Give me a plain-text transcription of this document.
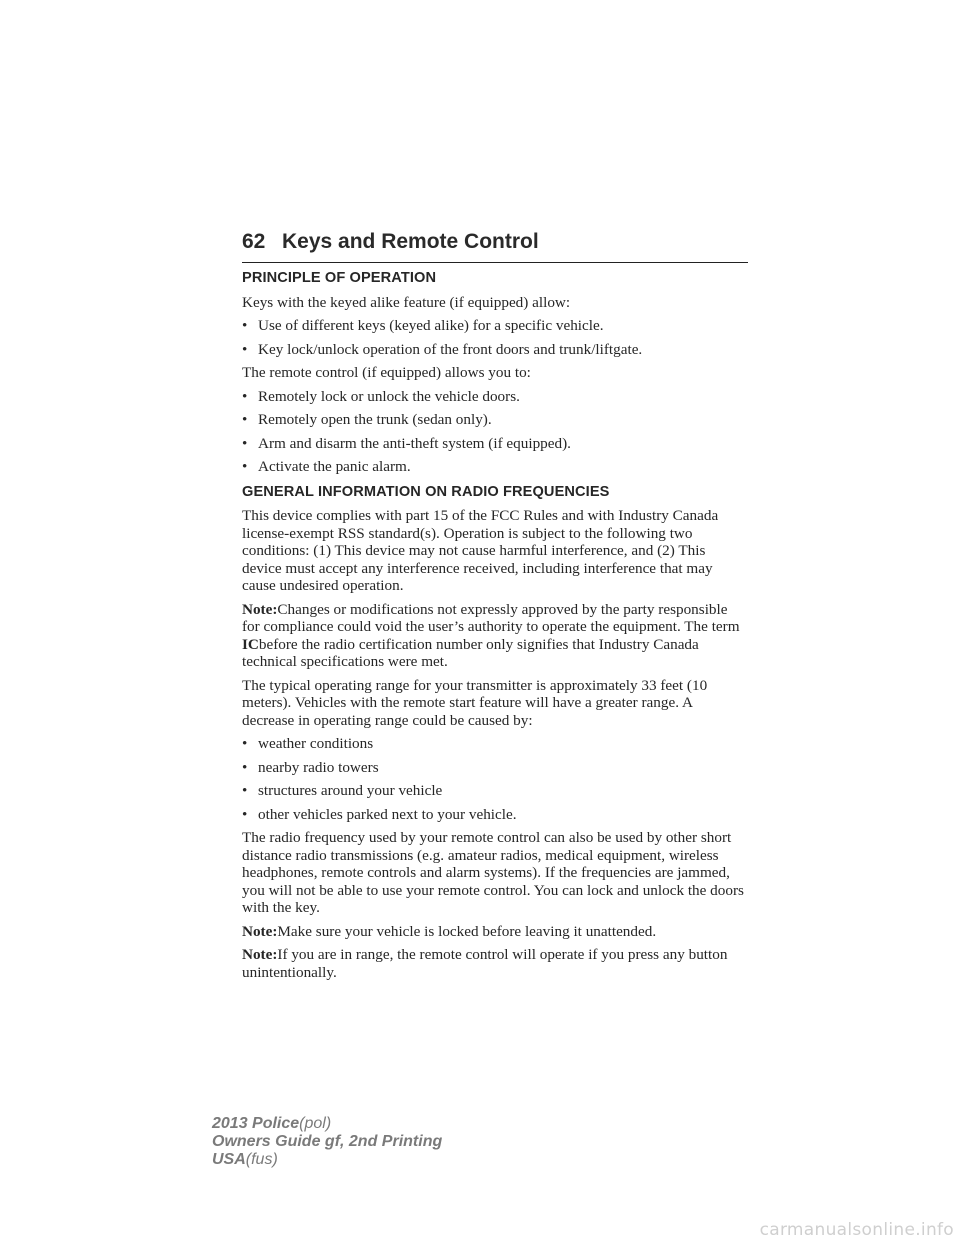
62 Keys and Remote Control
PRINCIPLE OF OPERATION
Keys with the keyed alike feature (if equipped) allow:
• Use of different keys (keyed alike) for a specific vehicle.
• Key lock/unlock operation of the front doors and trunk/liftgate.
The remote control (if equipped) allows you to:
• Remotely lock or unlock the vehicle doors.
• Remotely open the trunk (sedan only).
• Arm and disarm the anti-theft system (if equipped).
• Activate the panic alarm.
GENERAL INFORMATION ON RADIO FREQUENCIES
This device complies with part 15 of the FCC Rules and with Industry Canada license-exempt RSS standard(s). Operation is subject to the following two conditions: (1) This device may not cause harmful interference, and (2) This device must accept any interference received, including interference that may cause undesired operation.
Note:Changes or modifications not expressly approved by the party responsible for compliance could void the user’s authority to operate the equipment. The term ICbefore the radio certification number only signifies that Industry Canada technical specifications were met.
The typical operating range for your transmitter is approximately 33 feet (10 meters). Vehicles with the remote start feature will have a greater range. A decrease in operating range could be caused by:
• weather conditions
• nearby radio towers
• structures around your vehicle
• other vehicles parked next to your vehicle.
The radio frequency used by your remote control can also be used by other short distance radio transmissions (e.g. amateur radios, medical equipment, wireless headphones, remote controls and alarm systems). If the frequencies are jammed, you will not be able to use your remote control. You can lock and unlock the doors with the key.
Note:Make sure your vehicle is locked before leaving it unattended.
Note:If you are in range, the remote control will operate if you press any button unintentionally.
2013 Police(pol)
Owners Guide gf, 2nd Printing
USA(fus)
carmanualsonline.info
